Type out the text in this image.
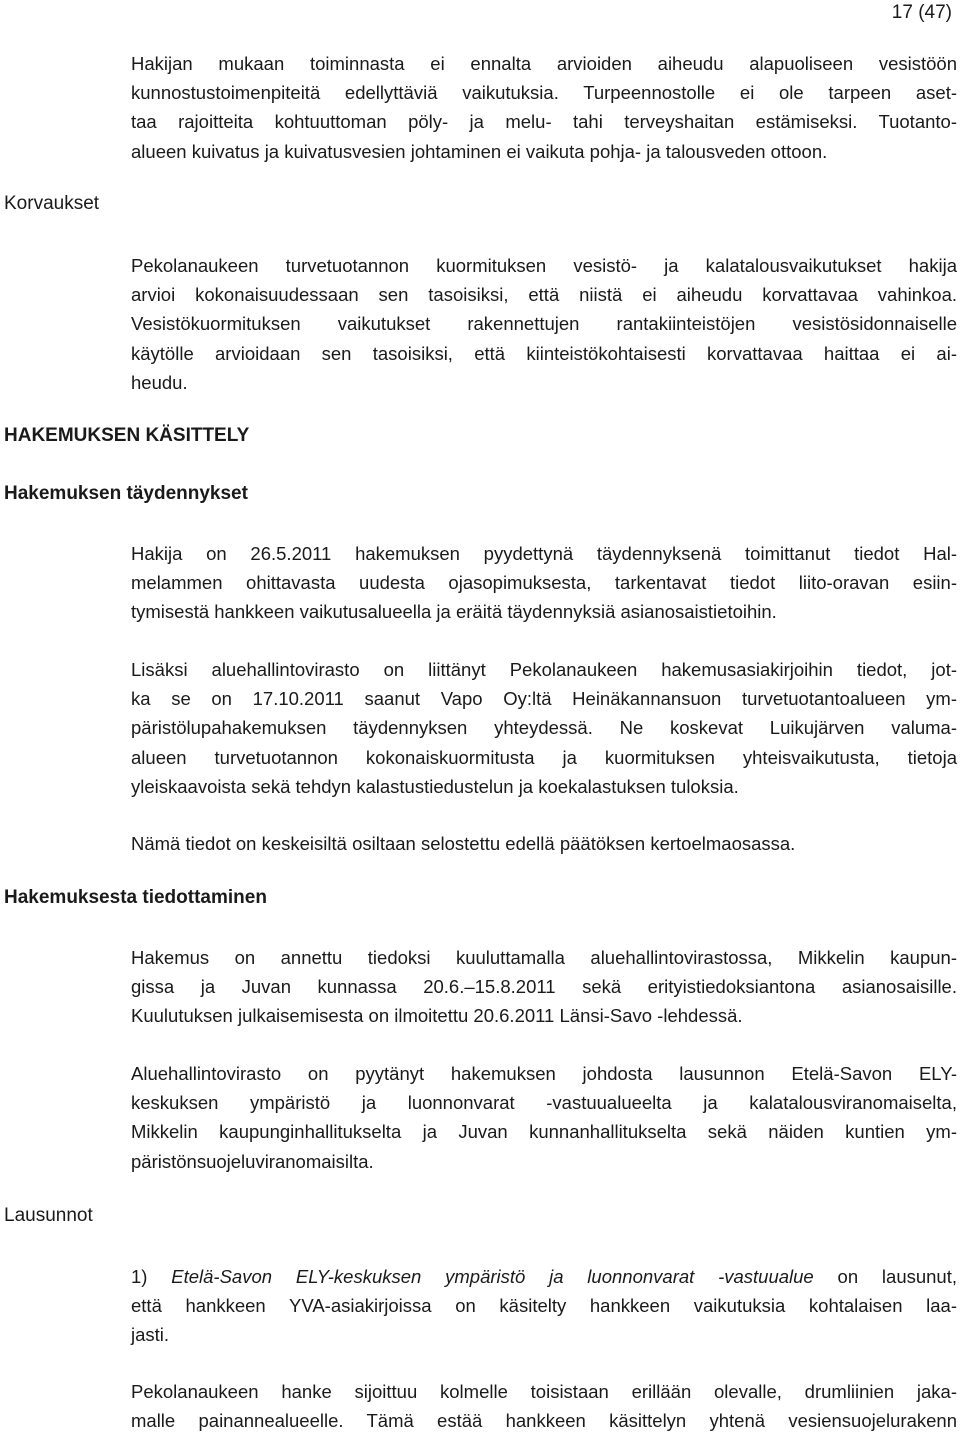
17 (47)
Hakijan mukaan toiminnasta ei ennalta arvioiden aiheudu alapuoliseen vesistöön
kunnostustoimenpiteitä edellyttäviä vaikutuksia. Turpeennostolle ei ole tarpeen aset-
taa rajoitteita kohtuuttoman pöly- ja melu- tahi terveyshaitan estämiseksi. Tuotanto-
alueen kuivatus ja kuivatusvesien johtaminen ei vaikuta pohja- ja talousveden ottoon.
Korvaukset
Pekolanaukeen turvetuotannon kuormituksen vesistö- ja kalatalousvaikutukset hakija
arvioi kokonaisuudessaan sen tasoisiksi, että niistä ei aiheudu korvattavaa vahinkoa.
Vesistökuormituksen vaikutukset rakennettujen rantakiinteistöjen vesistösidonnaiselle
käytölle arvioidaan sen tasoisiksi, että kiinteistökohtaisesti korvattavaa haittaa ei ai-
heudu.
HAKEMUKSEN KÄSITTELY
Hakemuksen täydennykset
Hakija on 26.5.2011 hakemuksen pyydettynä täydennyksenä toimittanut tiedot Hal-
melammen ohittavasta uudesta ojasopimuksesta, tarkentavat tiedot liito-oravan esiin-
tymisestä hankkeen vaikutusalueella ja eräitä täydennyksiä asianosaistietoihin.
Lisäksi aluehallintovirasto on liittänyt Pekolanaukeen hakemusasiakirjoihin tiedot, jot-
ka se on 17.10.2011 saanut Vapo Oy:ltä Heinäkannansuon turvetuotantoalueen ym-
päristölupahakemuksen täydennyksen yhteydessä. Ne koskevat Luikujärven valuma-
alueen turvetuotannon kokonaiskuormitusta ja kuormituksen yhteisvaikutusta, tietoja
yleiskaavoista sekä tehdyn kalastustiedustelun ja koekalastuksen tuloksia.
Nämä tiedot on keskeisiltä osiltaan selostettu edellä päätöksen kertoelmaosassa.
Hakemuksesta tiedottaminen
Hakemus on annettu tiedoksi kuuluttamalla aluehallintovirastossa, Mikkelin kaupun-
gissa ja Juvan kunnassa 20.6.–15.8.2011 sekä erityistiedoksiantona asianosaisille.
Kuulutuksen julkaisemisesta on ilmoitettu 20.6.2011 Länsi-Savo -lehdessä.
Aluehallintovirasto on pyytänyt hakemuksen johdosta lausunnon Etelä-Savon ELY-
keskuksen ympäristö ja luonnonvarat -vastuualueelta ja kalatalousviranomaiselta,
Mikkelin kaupunginhallitukselta ja Juvan kunnanhallitukselta sekä näiden kuntien ym-
päristönsuojeluviranomaisilta.
Lausunnot
1) Etelä-Savon ELY-keskuksen ympäristö ja luonnonvarat -vastuualue on lausunut,
että hankkeen YVA-asiakirjoissa on käsitelty hankkeen vaikutuksia kohtalaisen laa-
jasti.
Pekolanaukeen hanke sijoittuu kolmelle toisistaan erillään olevalle, drumliinien jaka-
malle painannealueelle. Tämä estää hankkeen käsittelyn yhtenä vesiensuojelurakenn
